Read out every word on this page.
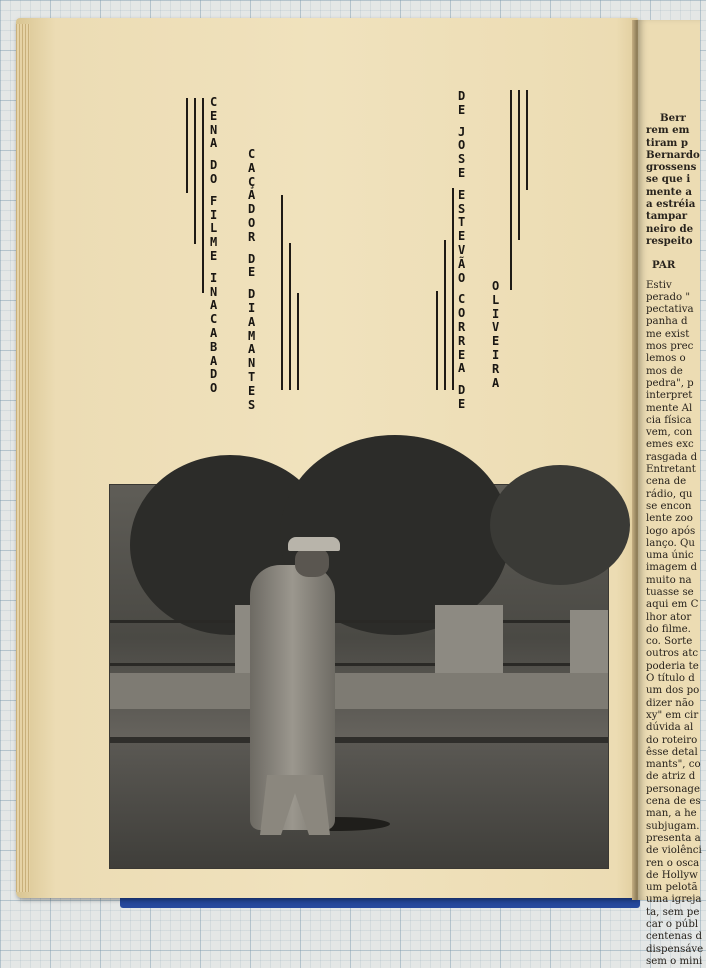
C
E
N
A
D
O
F
I
L
M
E
I
N
A
C
A
B
A
D
O
C
A
Ç
A
D
O
R
D
E
D
I
A
M
A
N
T
E
S
D
E
J
O
S
E
E
S
T
E
V
Ã
O
C
O
R
R
E
A
D
E
O
L
I
V
E
I
R
A
Berr
rem em
tiram p
Bernardo
grossens
se que i
mente a
a estréia
tampar
neiro de
respeito
PAR
Estiv
perado "
pectativa
panha d
me exist
mos prec
lemos o
mos de
pedra", p
interpret
mente Al
cia física
vem, con
emes exc
rasgada d
Entretant
cena de
rádio, qu
se encon
lente zoo
logo após
lanço. Qu
uma únic
imagem d
muito na
tuasse se
aqui em C
lhor ator
do filme.
co. Sorte
outros atc
poderia te
O título d
um dos po
dizer não
xy" em cir
dúvida al
do roteiro
êsse detal
mants", co
de atriz d
personage
cena de es
man, a he
subjugam.
presenta a
de violênci
ren o osca
de Hollyw
um pelotã
uma igreja
ta, sem pe
car o públ
centenas d
dispensáve
sem o mini
